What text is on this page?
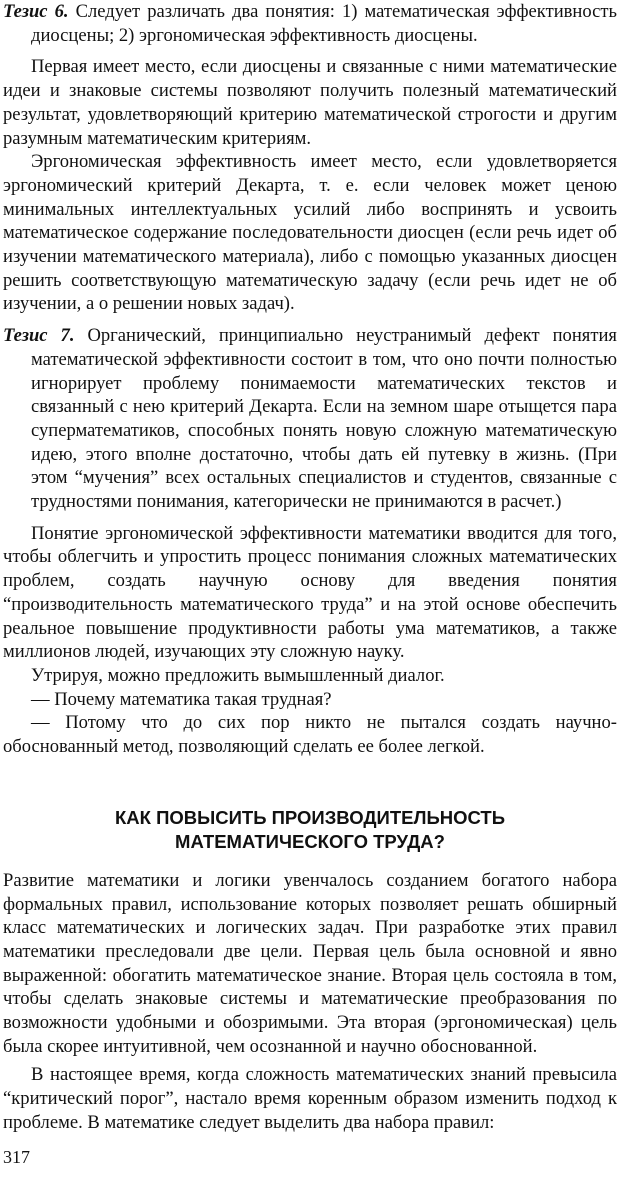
Тезис 6. Следует различать два понятия: 1) математическая эффективность диосцены; 2) эргономическая эффективность диосцены.

Первая имеет место, если диосцены и связанные с ними математические идеи и знаковые системы позволяют получить полезный математический результат, удовлетворяющий критерию математической строгости и другим разумным математическим критериям.

Эргономическая эффективность имеет место, если удовлетворяется эргономический критерий Декарта, т. е. если человек может ценою минимальных интеллектуальных усилий либо воспринять и усвоить математическое содержание последовательности диосцен (если речь идет об изучении математического материала), либо с помощью указанных диосцен решить соответствующую математическую задачу (если речь идет не об изучении, а о решении новых задач).

Тезис 7. Органический, принципиально неустранимый дефект понятия математической эффективности состоит в том, что оно почти полностью игнорирует проблему понимаемости математических текстов и связанный с нею критерий Декарта. Если на земном шаре отыщется пара суперматематиков, способных понять новую сложную математическую идею, этого вполне достаточно, чтобы дать ей путевку в жизнь. (При этом “мучения” всех остальных специалистов и студентов, связанные с трудностями понимания, категорически не принимаются в расчет.)

Понятие эргономической эффективности математики вводится для того, чтобы облегчить и упростить процесс понимания сложных математических проблем, создать научную основу для введения понятия “производительность математического труда” и на этой основе обеспечить реальное повышение продуктивности работы ума математиков, а также миллионов людей, изучающих эту сложную науку.

Утрируя, можно предложить вымышленный диалог.

— Почему математика такая трудная?

— Потому что до сих пор никто не пытался создать научно-обоснованный метод, позволяющий сделать ее более легкой.

КАК ПОВЫСИТЬ ПРОИЗВОДИТЕЛЬНОСТЬ
МАТЕМАТИЧЕСКОГО ТРУДА?

Развитие математики и логики увенчалось созданием богатого набора формальных правил, использование которых позволяет решать обширный класс математических и логических задач. При разработке этих правил математики преследовали две цели. Первая цель была основной и явно выраженной: обогатить математическое знание. Вторая цель состояла в том, чтобы сделать знаковые системы и математические преобразования по возможности удобными и обозримыми. Эта вторая (эргономическая) цель была скорее интуитивной, чем осознанной и научно обоснованной.

В настоящее время, когда сложность математических знаний превысила “критический порог”, настало время коренным образом изменить подход к проблеме. В математике следует выделить два набора правил:

317
